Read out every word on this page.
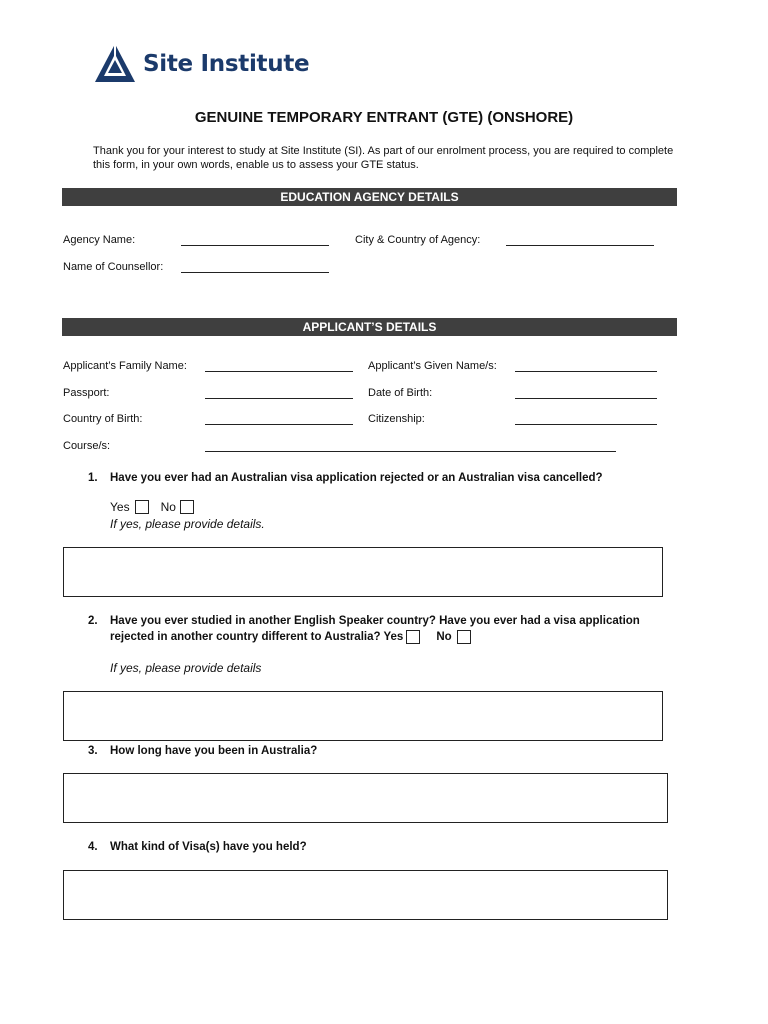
Site Institute
GENUINE TEMPORARY ENTRANT (GTE) (ONSHORE)
Thank you for your interest to study at Site Institute (SI). As part of our enrolment process, you are required to complete this form, in your own words, enable us to assess your GTE status.
EDUCATION AGENCY DETAILS
Agency Name:	City & Country of Agency:
Name of Counsellor:
APPLICANT’S DETAILS
Applicant’s Family Name:	Applicant’s Given Name/s:
Passport:	Date of Birth:
Country of Birth:	Citizenship:
Course/s:
1. Have you ever had an Australian visa application rejected or an Australian visa cancelled?
Yes	No
If yes, please provide details.
2. Have you ever studied in another English Speaker country? Have you ever had a visa application
rejected in another country different to Australia? Yes	No
If yes, please provide details
3. How long have you been in Australia?
4. What kind of Visa(s) have you held?
